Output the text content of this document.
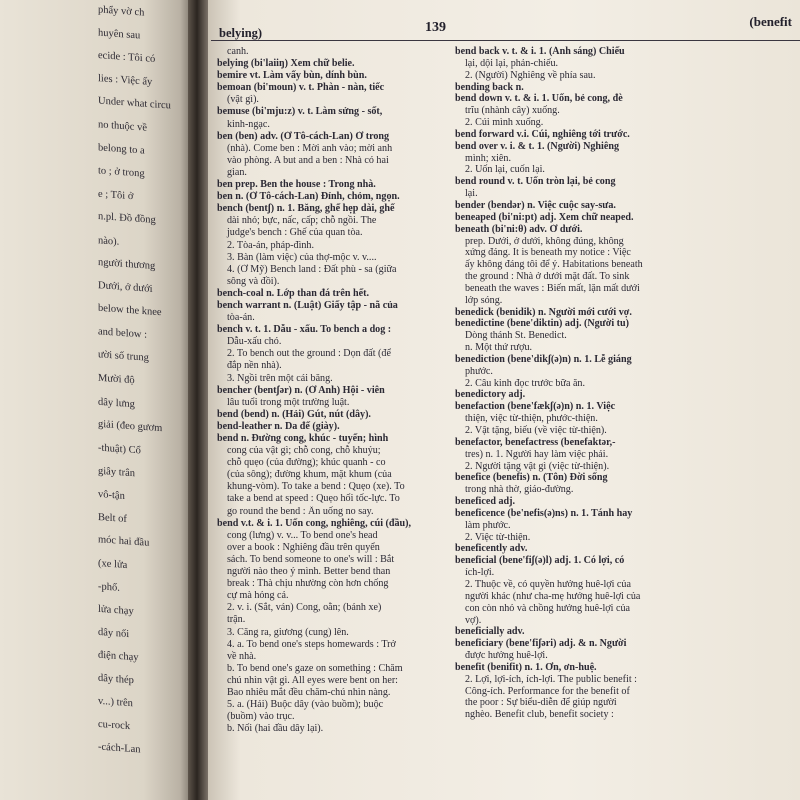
phẩy vờ ch
huyên sau
ecide : Tôi có
lies : Việc ấy
Under what circu
no thuộc về
belong to a
to ; ở trong
e ; Tôi ở
n.pl. Đồ đồng
nào).
người thương
Dưới, ở dưới
below the knee
and below :
ười số trung
Mười độ
dây lưng
giải (đeo gươm
-thuật) Cổ
giây trân
vô-tận
Belt of
móc hai đầu
(xe lửa
-phố.
lửa chạy
dây nối
điện chạy
dây thép
v...) trên
cu-rock
-cách-Lan
belying)	139	(benefit
canh.
belying (bi'laiiŋ) Xem chữ belie.
bemire vt. Làm vấy bùn, dính bùn.
bemoan (bi'moun) v. t. Phàn - nàn, tiếc
(vật gì).
bemuse (bi'mju:z) v. t. Làm sửng - sốt,
kinh-ngạc.
ben (ben) adv. (Ở Tô-cách-Lan) Ở trong
(nhà). Come ben : Mời anh vào; mời anh
vào phòng. A but and a ben : Nhà có hai
gian.
ben prep. Ben the house : Trong nhà.
ben n. (Ở Tô-cách-Lan) Đỉnh, chỏm, ngọn.
bench (bentʃ) n. 1. Băng, ghế hẹp dài, ghế
dài nhỏ; bực, nấc, cấp; chỗ ngồi. The
judge's bench : Ghế của quan tòa.
2. Tòa-án, pháp-đình.
3. Bàn (làm việc) của thợ-mộc v. v....
4. (Ở Mỹ) Bench land : Đất phù - sa (giữa
sông và đồi).
bench-coal n. Lớp than đá trên hết.
bench warrant n. (Luật) Giấy tập - nã của
tòa-án.
bench v. t. 1. Dẫu - xấu. To bench a dog :
Dẫu-xấu chó.
2. To bench out the ground : Dọn đất (để
đắp nền nhà).
3. Ngồi trên một cái băng.
bencher (bentʃər) n. (Ở Anh) Hội - viên
lâu tuổi trong một trường luật.
bend (bend) n. (Hải) Gút, nút (dây).
bend-leather n. Da đế (giày).
bend n. Đường cong, khúc - tuyến; hình
cong của vật gì; chỗ cong, chỗ khuỷu;
chỗ quẹo (của đường); khúc quanh - co
(của sông); đường khum, mặt khum (của
khung-vòm). To take a bend : Quẹo (xe). To
take a bend at speed : Quẹo hối tốc-lực. To
go round the bend : Ẩn uống no say.
bend v.t. & i. 1. Uốn cong, nghiêng, cúi (đầu),
cong (lưng) v. v... To bend one's head
over a book : Nghiêng đầu trên quyển
sách. To bend someone to one's will : Bắt
người nào theo ý mình. Better bend than
break : Thà chịu nhường còn hơn chống
cự mà hỏng cả.
2. v. i. (Sắt, ván) Cong, oằn; (bánh xe)
trận.
3. Căng ra, giương (cung) lên.
4. a. To bend one's steps homewards : Trở
về nhà.
b. To bend one's gaze on something : Chăm
chú nhìn vật gì. All eyes were bent on her:
Bao nhiêu mắt đều chăm-chú nhìn nàng.
5. a. (Hải) Buộc dây (vào buồm); buộc
(buồm) vào trục.
b. Nối (hai đầu dây lại).
bend back v. t. & i. 1. (Ánh sáng) Chiếu
lại, dội lại, phản-chiếu.
2. (Người) Nghiêng về phía sau.
bending back n.
bend down v. t. & i. 1. Uốn, bẻ cong, đè
trĩu (nhành cây) xuống.
2. Cúi mình xuống.
bend forward v.i. Cúi, nghiêng tới trước.
bend over v. i. & t. 1. (Người) Nghiêng
mình; xiên.
2. Uốn lại, cuốn lại.
bend round v. t. Uốn tròn lại, bẻ cong
lại.
bender (bendər) n. Việc cuộc say-sưa.
beneaped (bi'ni:pt) adj. Xem chữ neaped.
beneath (bi'ni:θ) adv. Ở dưới.
prep. Dưới, ở dưới, không đúng, không
xứng đáng. It is beneath my notice : Việc
ấy không đáng tôi để ý. Habitations beneath
the ground : Nhà ở dưới mặt đất. To sink
beneath the waves : Biến mất, lặn mất dưới
lớp sóng.
benedick (benidik) n. Người mới cưới vợ.
benedictine (bene'diktin) adj. (Người tu)
Dòng thánh St. Benedict.
n. Một thứ rượu.
benediction (bene'dikʃ(ə)n) n. 1. Lễ giáng
phước.
2. Câu kinh đọc trước bữa ăn.
benedictory adj.
benefaction (bene'fækʃ(ə)n) n. 1. Việc
thiện, việc từ-thiện, phước-thiện.
2. Vật tặng, biếu (về việc từ-thiện).
benefactor, benefactress (benefaktər,-
tres) n. 1. Người hay làm việc phải.
2. Người tặng vật gì (việc từ-thiện).
benefice (benefis) n. (Tôn) Đời sống
trong nhà thờ, giáo-đường.
beneficed adj.
beneficence (be'nefis(ə)ns) n. 1. Tánh hay
làm phước.
2. Việc từ-thiện.
beneficently adv.
beneficial (bene'fiʃ(ə)l) adj. 1. Có lợi, có
ích-lợi.
2. Thuộc về, có quyền hưởng huê-lợi của
người khác (như cha-mẹ hưởng huê-lợi của
con còn nhỏ và chồng hưởng huê-lợi của
vợ).
beneficially adv.
beneficiary (bene'fiʃəri) adj. & n. Người
được hưởng huê-lợi.
benefit (benifit) n. 1. Ơn, ơn-huệ.
2. Lợi, lợi-ích, ích-lợi. The public benefit :
Công-ích. Performance for the benefit of
the poor : Sự biểu-diễn để giúp người
nghèo. Benefit club, benefit society :
